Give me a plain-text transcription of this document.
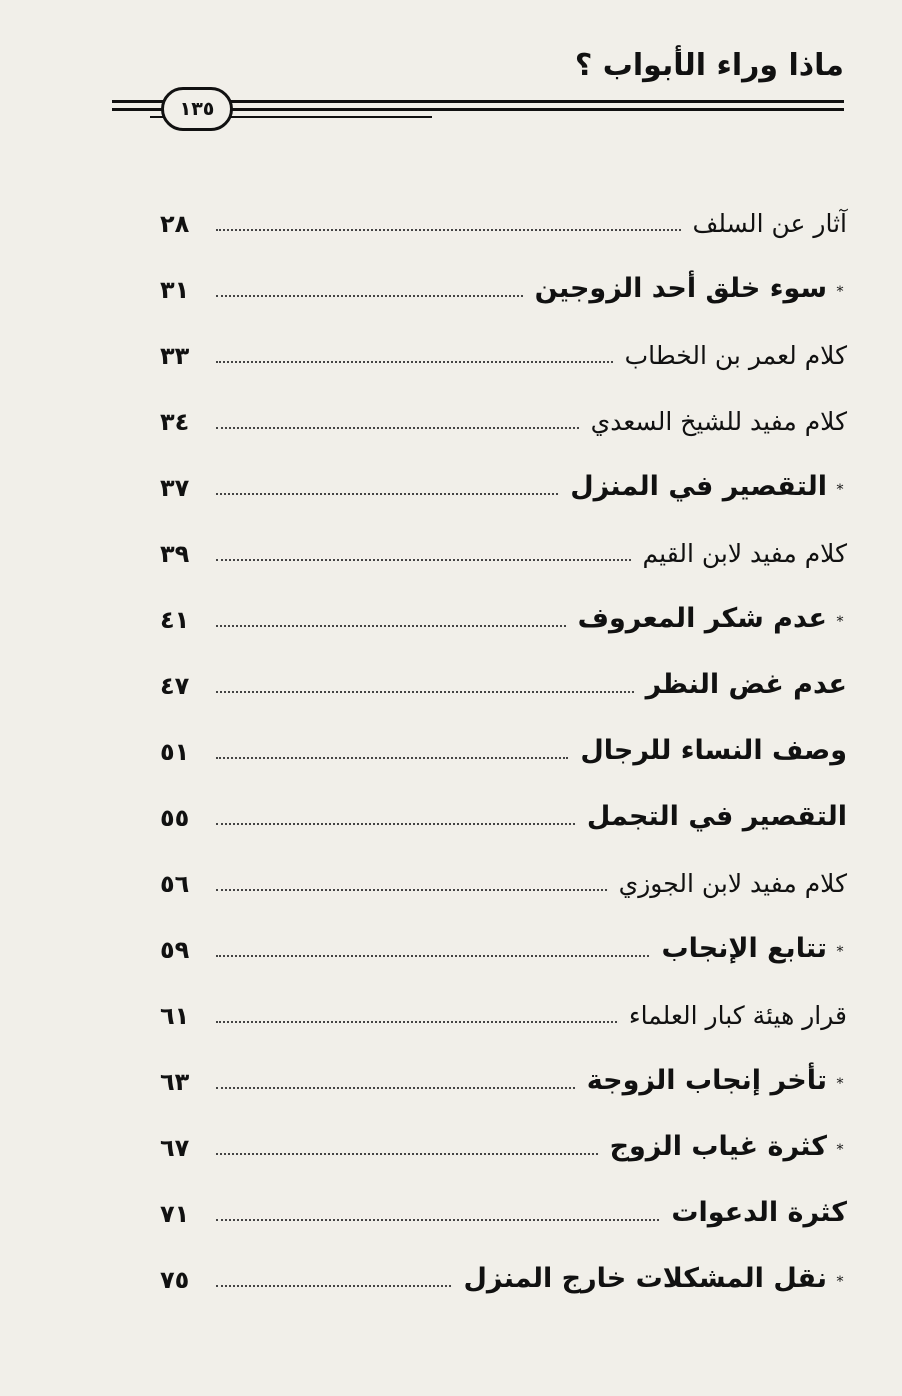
ماذا وراء الأبواب ؟
١٣٥
آثار عن السلف
٢٨
*
سوء خلق أحد الزوجين
٣١
كلام لعمر بن الخطاب
٣٣
كلام مفيد للشيخ السعدي
٣٤
*
التقصير في المنزل
٣٧
كلام مفيد لابن القيم
٣٩
*
عدم شكر المعروف
٤١
عدم غض النظر
٤٧
وصف النساء للرجال
٥١
التقصير في التجمل
٥٥
كلام مفيد لابن الجوزي
٥٦
*
تتابع الإنجاب
٥٩
قرار هيئة كبار العلماء
٦١
*
تأخر إنجاب الزوجة
٦٣
*
كثرة غياب الزوج
٦٧
كثرة الدعوات
٧١
*
نقل المشكلات خارج المنزل
٧٥
